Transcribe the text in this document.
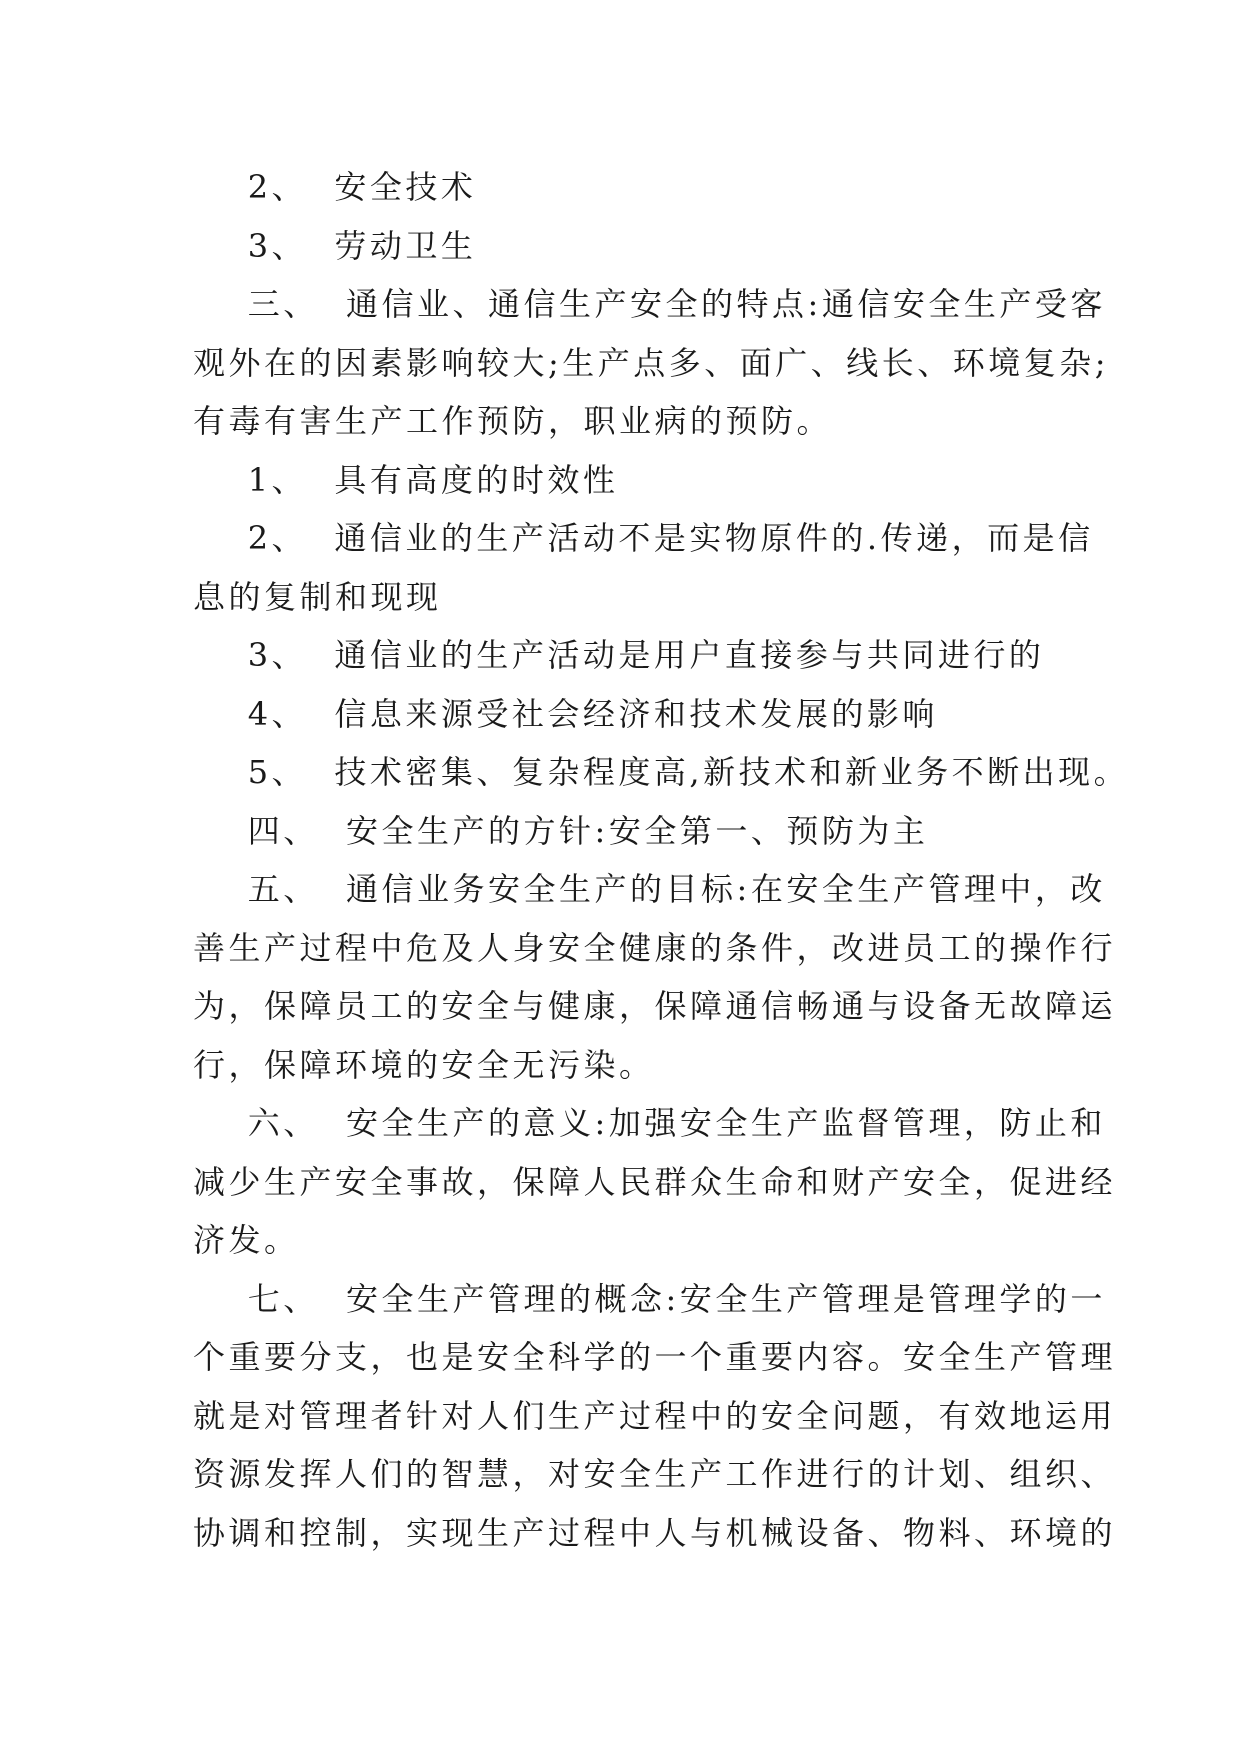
2、  安全技术
3、  劳动卫生
三、  通信业、通信生产安全的特点:通信安全生产受客
观外在的因素影响较大;生产点多、面广、线长、环境复杂;
有毒有害生产工作预防，职业病的预防。
1、  具有高度的时效性
2、  通信业的生产活动不是实物原件的.传递，而是信
息的复制和现现
3、  通信业的生产活动是用户直接参与共同进行的
4、  信息来源受社会经济和技术发展的影响
5、  技术密集、复杂程度高,新技术和新业务不断出现。
四、  安全生产的方针:安全第一、预防为主
五、  通信业务安全生产的目标:在安全生产管理中，改
善生产过程中危及人身安全健康的条件，改进员工的操作行
为，保障员工的安全与健康，保障通信畅通与设备无故障运
行，保障环境的安全无污染。
六、  安全生产的意义:加强安全生产监督管理，防止和
减少生产安全事故，保障人民群众生命和财产安全，促进经
济发。
七、  安全生产管理的概念:安全生产管理是管理学的一
个重要分支，也是安全科学的一个重要内容。安全生产管理
就是对管理者针对人们生产过程中的安全问题，有效地运用
资源发挥人们的智慧，对安全生产工作进行的计划、组织、
协调和控制，实现生产过程中人与机械设备、物料、环境的
